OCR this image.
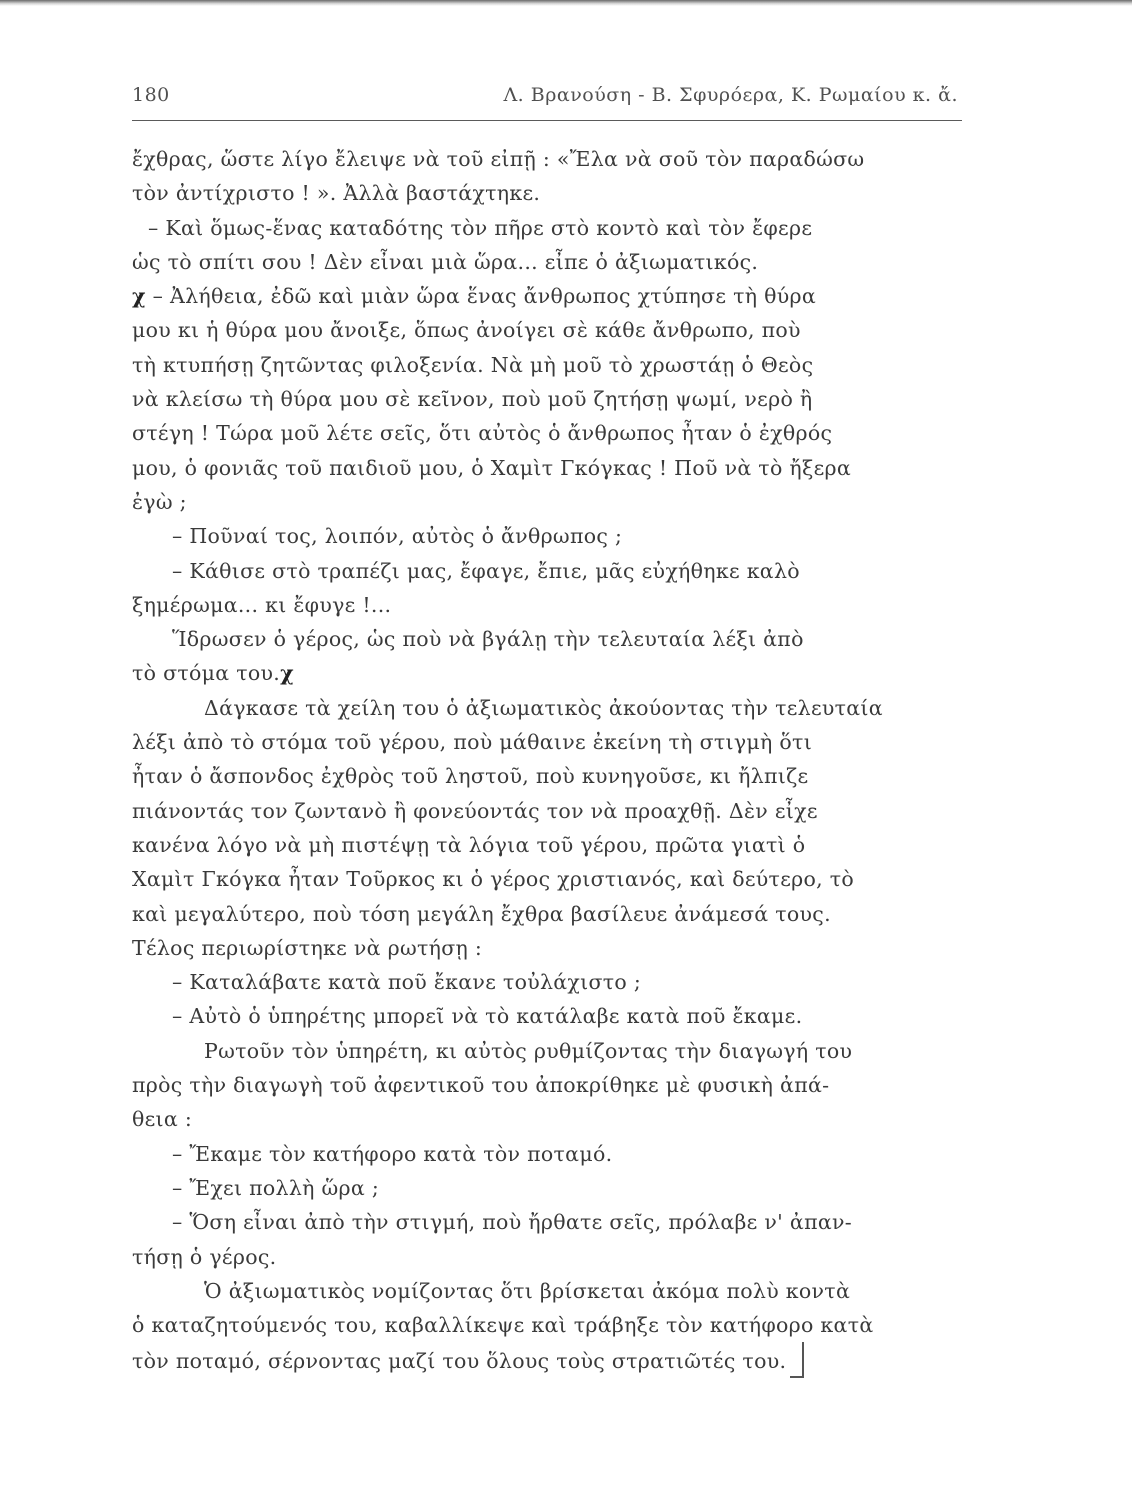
180	Λ. Βρανούση - Β. Σφυρόερα, Κ. Ρωμαίου κ. ἄ.
ἔχθρας, ὥστε λίγο ἔλειψε νὰ τοῦ εἰπῇ : «Ἔλα νὰ σοῦ τὸν παραδώσω
τὸν ἀντίχριστο ! ». Ἀλλὰ βαστάχτηκε.
– Καὶ ὅμως-ἕνας καταδότης τὸν πῆρε στὸ κοντὸ καὶ τὸν ἔφερε
ὡς τὸ σπίτι σου ! Δὲν εἶναι μιὰ ὥρα... εἶπε ὁ ἀξιωματικός.
χ – Ἀλήθεια, ἐδῶ καὶ μιὰν ὥρα ἕνας ἄνθρωπος χτύπησε τὴ θύρα
μου κι ἡ θύρα μου ἄνοιξε, ὅπως ἀνοίγει σὲ κάθε ἄνθρωπο, ποὺ
τὴ κτυπήσῃ ζητῶντας φιλοξενία. Νὰ μὴ μοῦ τὸ χρωστάῃ ὁ Θεὸς
νὰ κλείσω τὴ θύρα μου σὲ κεῖνον, ποὺ μοῦ ζητήσῃ ψωμί, νερὸ ἢ
στέγη ! Τώρα μοῦ λέτε σεῖς, ὅτι αὐτὸς ὁ ἄνθρωπος ἦταν ὁ ἐχθρός
μου, ὁ φονιᾶς τοῦ παιδιοῦ μου, ὁ Χαμὶτ Γκόγκας ! Ποῦ νὰ τὸ ἤξερα
ἐγὼ ;
– Ποῦναί τος, λοιπόν, αὐτὸς ὁ ἄνθρωπος ;
– Κάθισε στὸ τραπέζι μας, ἔφαγε, ἔπιε, μᾶς εὐχήθηκε καλὸ
ξημέρωμα... κι ἔφυγε !...
Ἵδρωσεν ὁ γέρος, ὡς ποὺ νὰ βγάλῃ τὴν τελευταία λέξι ἀπὸ
τὸ στόμα του.χ
Δάγκασε τὰ χείλη του ὁ ἀξιωματικὸς ἀκούοντας τὴν τελευταία
λέξι ἀπὸ τὸ στόμα τοῦ γέρου, ποὺ μάθαινε ἐκείνη τὴ στιγμὴ ὅτι
ἦταν ὁ ἄσπονδος ἐχθρὸς τοῦ ληστοῦ, ποὺ κυνηγοῦσε, κι ἤλπιζε
πιάνοντάς τον ζωντανὸ ἢ φονεύοντάς τον νὰ προαχθῇ. Δὲν εἶχε
κανένα λόγο νὰ μὴ πιστέψῃ τὰ λόγια τοῦ γέρου, πρῶτα γιατὶ ὁ
Χαμὶτ Γκόγκα ἦταν Τοῦρκος κι ὁ γέρος χριστιανός, καὶ δεύτερο, τὸ
καὶ μεγαλύτερο, ποὺ τόση μεγάλη ἔχθρα βασίλευε ἀνάμεσά τους.
Τέλος περιωρίστηκε νὰ ρωτήσῃ :
– Καταλάβατε κατὰ ποῦ ἔκανε τοὐλάχιστο ;
– Αὐτὸ ὁ ὑπηρέτης μπορεῖ νὰ τὸ κατάλαβε κατὰ ποῦ ἔκαμε.
Ρωτοῦν τὸν ὑπηρέτη, κι αὐτὸς ρυθμίζοντας τὴν διαγωγή του
πρὸς τὴν διαγωγὴ τοῦ ἀφεντικοῦ του ἀποκρίθηκε μὲ φυσικὴ ἀπά-
θεια :
– Ἔκαμε τὸν κατήφορο κατὰ τὸν ποταμό.
– Ἔχει πολλὴ ὥρα ;
– Ὅση εἶναι ἀπὸ τὴν στιγμή, ποὺ ἤρθατε σεῖς, πρόλαβε ν' ἀπαν-
τήσῃ ὁ γέρος.
Ὁ ἀξιωματικὸς νομίζοντας ὅτι βρίσκεται ἀκόμα πολὺ κοντὰ
ὁ καταζητούμενός του, καβαλλίκεψε καὶ τράβηξε τὸν κατήφορο κατὰ
τὸν ποταμό, σέρνοντας μαζί του ὅλους τοὺς στρατιῶτές του.
